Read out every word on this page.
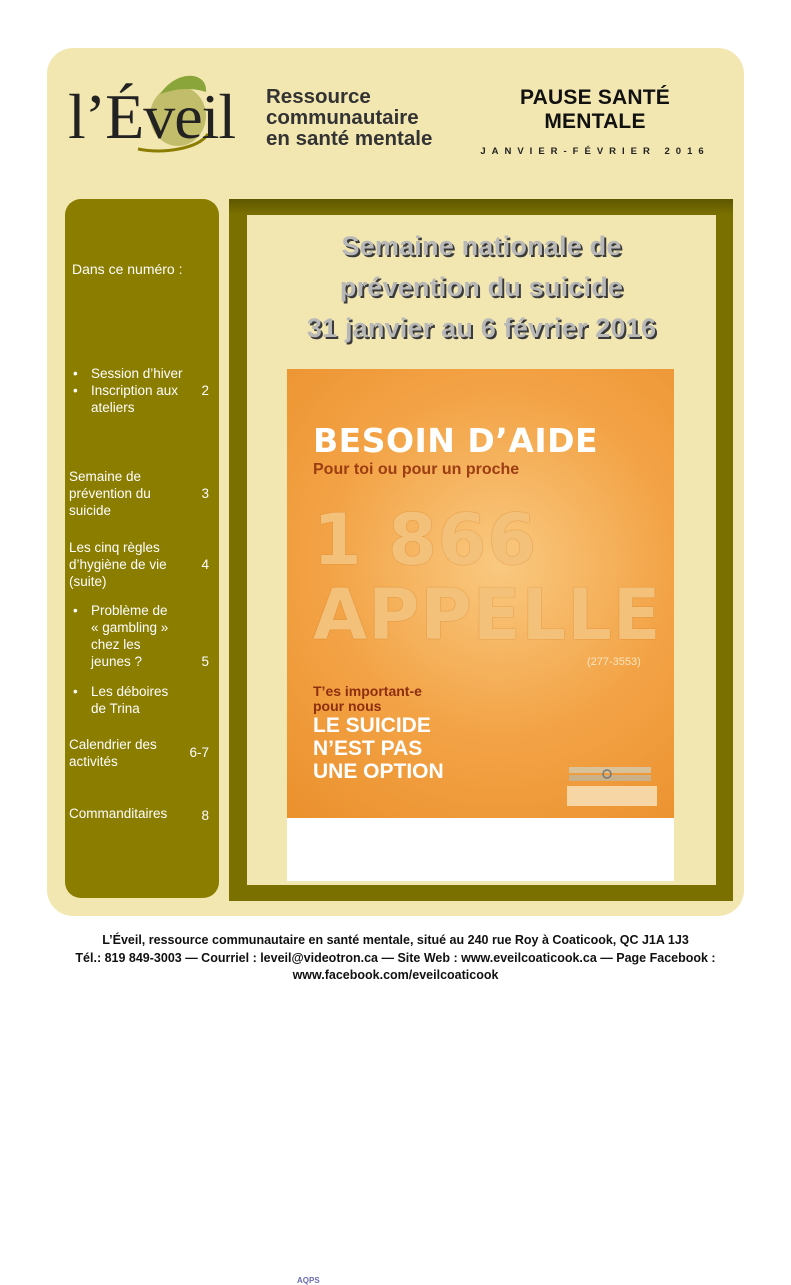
l’Éveil Ressource
communautaire
en santé mentale
PAUSE SANTÉ MENTALE
JANVIER-FÉVRIER 2016
Dans ce numéro :
• Session d’hiver
• Inscription aux ateliers
2
Semaine de prévention du suicide
3
Les cinq règles d’hygiène de vie (suite)
4
• Problème de « gambling » chez les jeunes ?	5
• Les déboires de Trina
Calendrier des activités
6-7
Commanditaires	8
Semaine nationale de
prévention du suicide
31 janvier au 6 février 2016
BESOIN D’AIDE
Pour toi ou pour un proche
1 866
APPELLE
(277-3553)
T’es important-e
pour nous
LE SUICIDE
N’EST PAS
UNE OPTION
AQPS
L’Éveil, ressource communautaire en santé mentale, situé au 240 rue Roy à Coaticook, QC J1A 1J3
Tél.: 819 849-3003 — Courriel : leveil@videotron.ca — Site Web : www.eveilcoaticook.ca — Page Facebook :
www.facebook.com/eveilcoaticook
